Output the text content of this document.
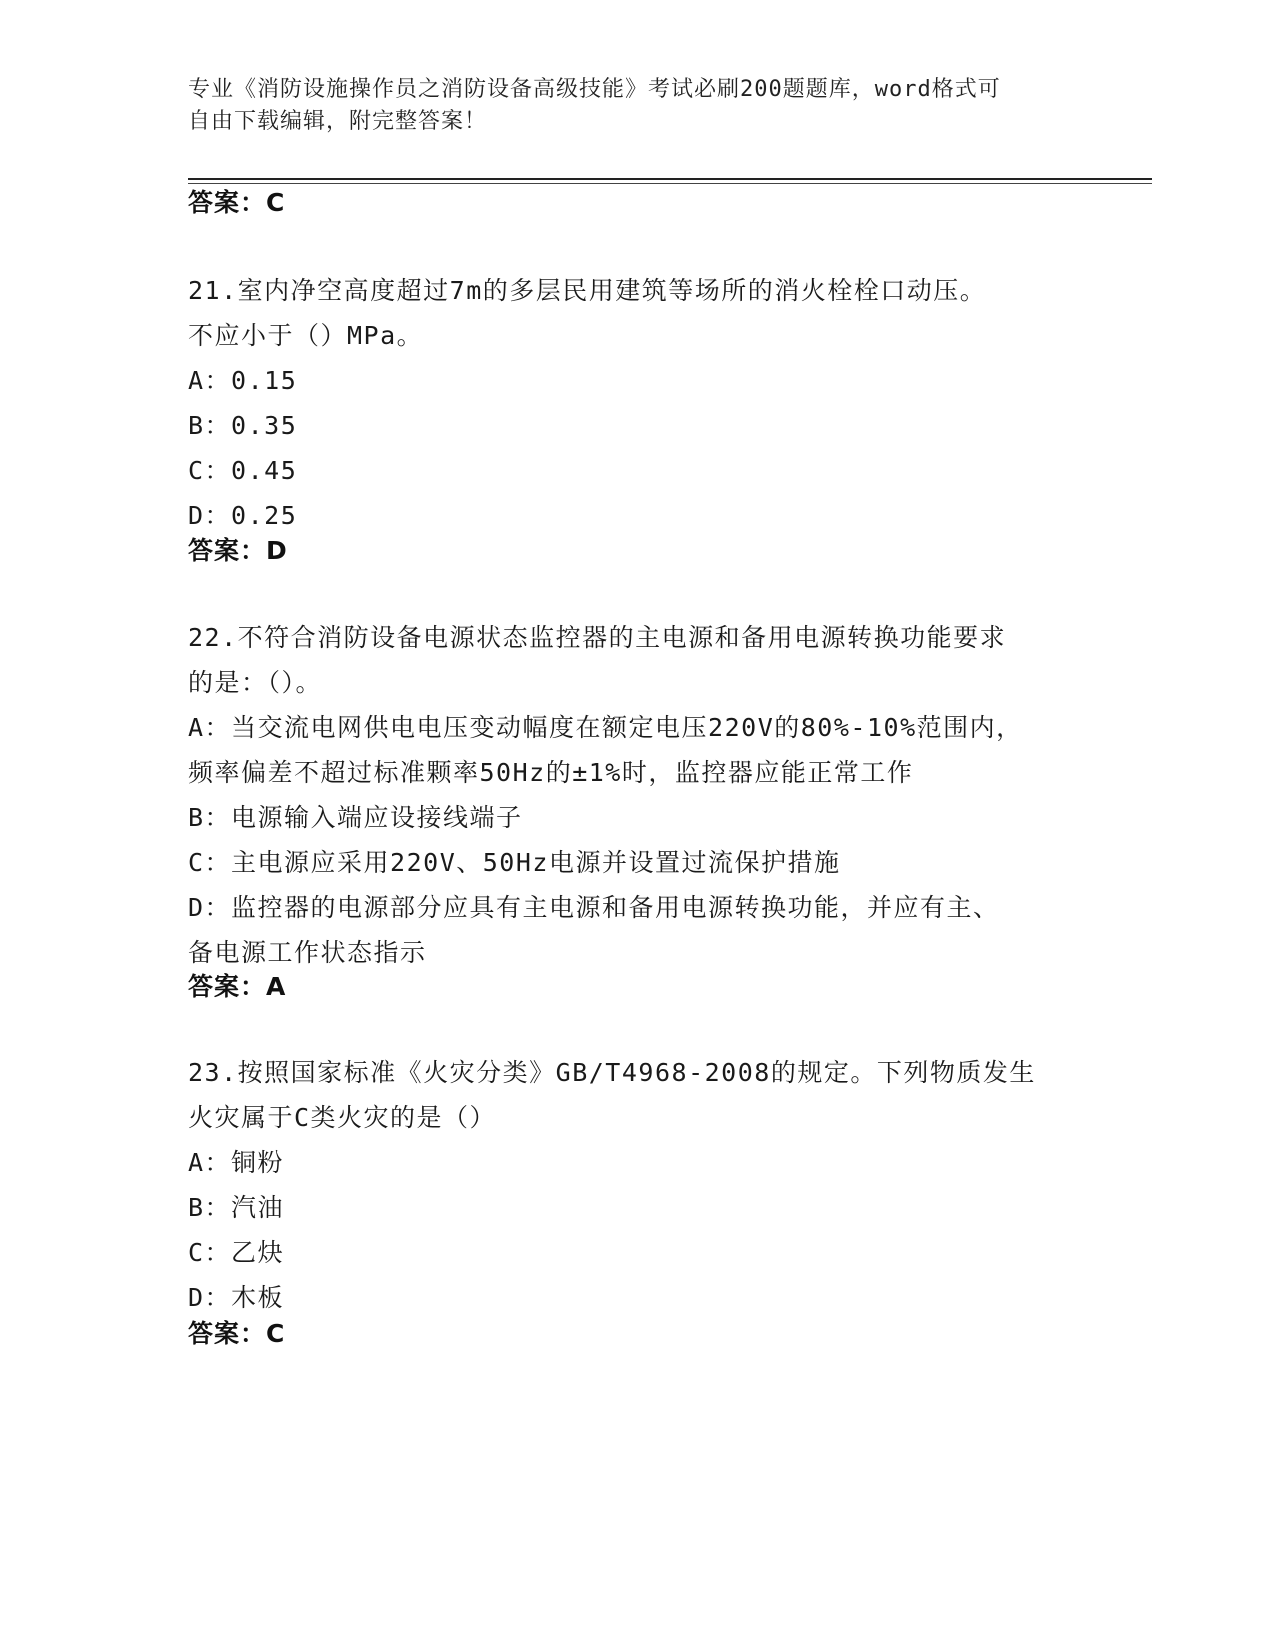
专业《消防设施操作员之消防设备高级技能》考试必刷200题题库，word格式可
自由下载编辑，附完整答案！
答案：C
21.室内净空高度超过7m的多层民用建筑等场所的消火栓栓口动压。
不应小于（）MPa。
A：0.15
B：0.35
C：0.45
D：0.25
答案：D
22.不符合消防设备电源状态监控器的主电源和备用电源转换功能要求
的是：（）。
A：当交流电网供电电压变动幅度在额定电压220V的80%-10%范围内，
频率偏差不超过标准颗率50Hz的±1%时，监控器应能正常工作
B：电源输入端应设接线端子
C：主电源应采用220V、50Hz电源并设置过流保护措施
D：监控器的电源部分应具有主电源和备用电源转换功能，并应有主、
备电源工作状态指示
答案：A
23.按照国家标准《火灾分类》GB/T4968-2008的规定。下列物质发生
火灾属于C类火灾的是（）
A：铜粉
B：汽油
C：乙炔
D：木板
答案：C
